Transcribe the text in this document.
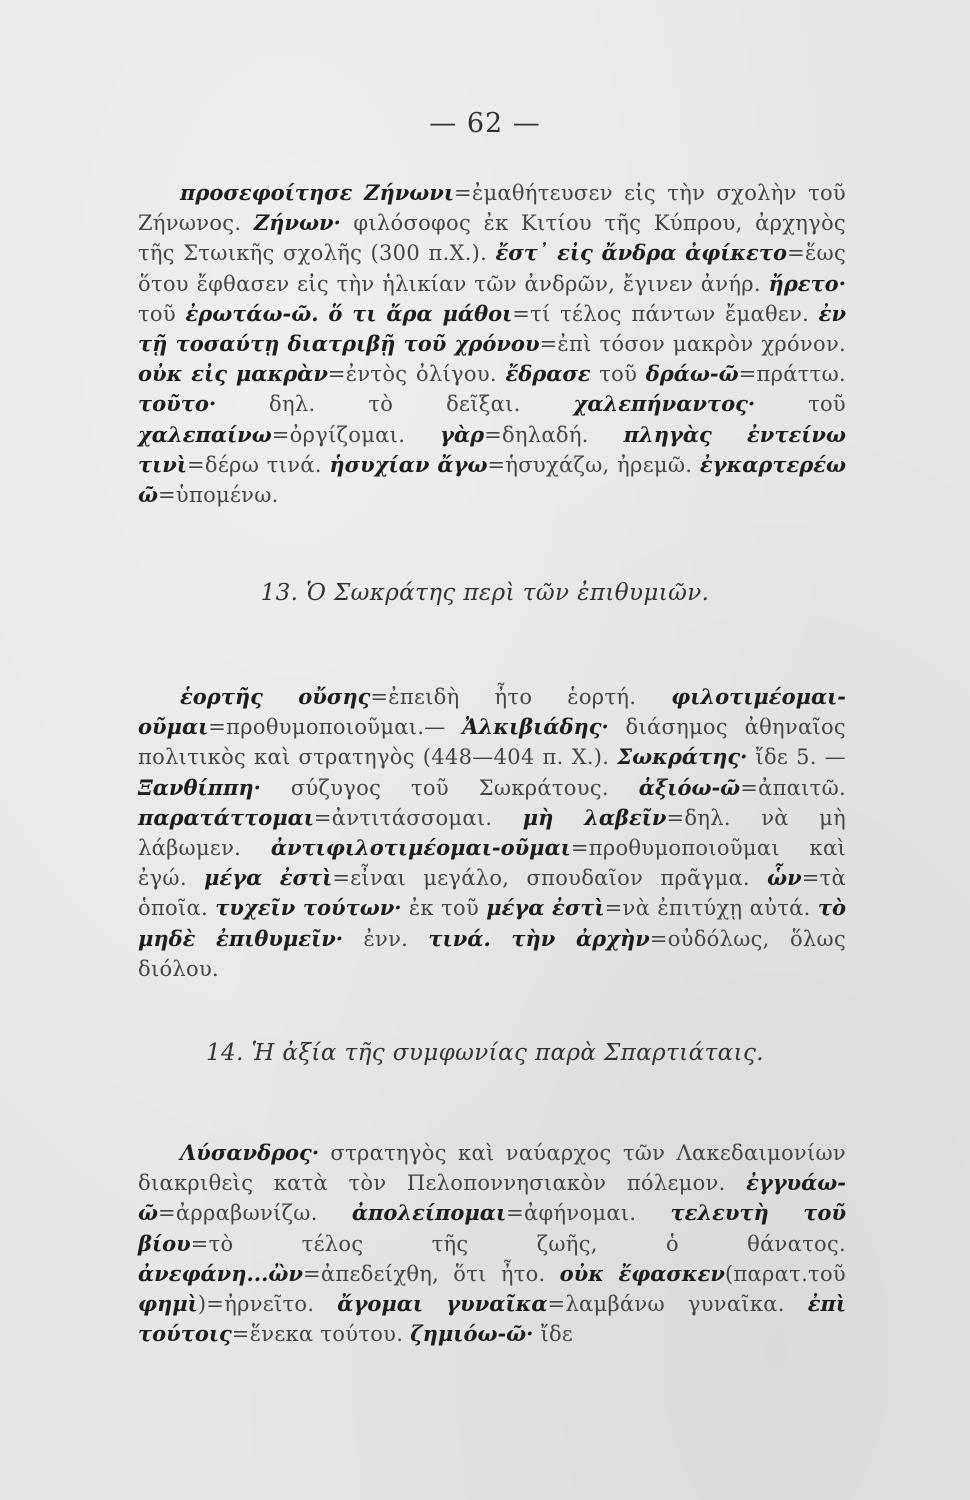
— 62 —

προσεφοίτησε Ζήνωνι=ἐμαθήτευσεν εἰς τὴν σχολὴν τοῦ Ζήνωνος. Ζήνων· φιλόσοφος ἐκ Κιτίου τῆς Κύπρου, ἀρχηγὸς τῆς Στωικῆς σχολῆς (300 π.Χ.). ἔστ᾽ εἰς ἄνδρα ἀφίκετο=ἕως ὅτου ἔφθασεν εἰς τὴν ἡλικίαν τῶν ἀνδρῶν, ἔγινεν ἀνήρ. ἤρετο· τοῦ ἐρωτάω-ῶ. ὅ τι ἄρα μάθοι=τί τέλος πάντων ἔμαθεν. ἐν τῇ τοσαύτῃ διατριβῇ τοῦ χρόνου=ἐπὶ τόσον μακρὸν χρόνον. οὐκ εἰς μακρὰν=ἐντὸς ὀλίγου. ἔδρασε τοῦ δράω-ῶ=πράττω. τοῦτο· δηλ. τὸ δεῖξαι. χαλεπήναντος· τοῦ χαλεπαίνω=ὀργίζομαι. γὰρ=δηλαδή. πληγὰς ἐντείνω τινὶ=δέρω τινά. ἡσυχίαν ἄγω=ἡσυχάζω, ἠρεμῶ. ἐγκαρτερέω ῶ=ὑπομένω.

13. Ὁ Σωκράτης περὶ τῶν ἐπιθυμιῶν.

ἑορτῆς οὔσης=ἐπειδὴ ἦτο ἑορτή. φιλοτιμέομαι-οῦμαι=προθυμοποιοῦμαι.— Ἀλκιβιάδης· διάσημος ἀθηναῖος πολιτικὸς καὶ στρατηγὸς (448—404 π. Χ.). Σωκράτης· ἴδε 5. — Ξανθίππη· σύζυγος τοῦ Σωκράτους. ἀξιόω-ῶ=ἀπαιτῶ. παρατάττομαι=ἀντιτάσσομαι. μὴ λαβεῖν=δηλ. νὰ μὴ λάβωμεν. ἀντιφιλοτιμέομαι-οῦμαι=προθυμοποιοῦμαι καὶ ἐγώ. μέγα ἐστὶ=εἶναι μεγάλο, σπουδαῖον πρᾶγμα. ὧν=τὰ ὁποῖα. τυχεῖν τούτων· ἐκ τοῦ μέγα ἐστὶ=νὰ ἐπιτύχῃ αὐτά. τὸ μηδὲ ἐπιθυμεῖν· ἐνν. τινά. τὴν ἀρχὴν=οὐδόλως, ὅλως διόλου.

14. Ἡ ἀξία τῆς συμφωνίας παρὰ Σπαρτιάταις.

Λύσανδρος· στρατηγὸς καὶ ναύαρχος τῶν Λακεδαιμονίων διακριθεὶς κατὰ τὸν Πελοποννησιακὸν πόλεμον. ἐγγυάω-ῶ=ἀρραβωνίζω. ἀπολείπομαι=ἀφήνομαι. τελευτὴ τοῦ βίου=τὸ τέλος τῆς ζωῆς, ὁ θάνατος. ἀνεφάνη...ὢν=ἀπεδείχθη, ὅτι ἦτο. οὐκ ἔφασκεν(παρατ.τοῦ φημὶ)=ἠρνεῖτο. ἄγομαι γυναῖκα=λαμβάνω γυναῖκα. ἐπὶ τούτοις=ἕνεκα τούτου. ζημιόω-ῶ· ἴδε
